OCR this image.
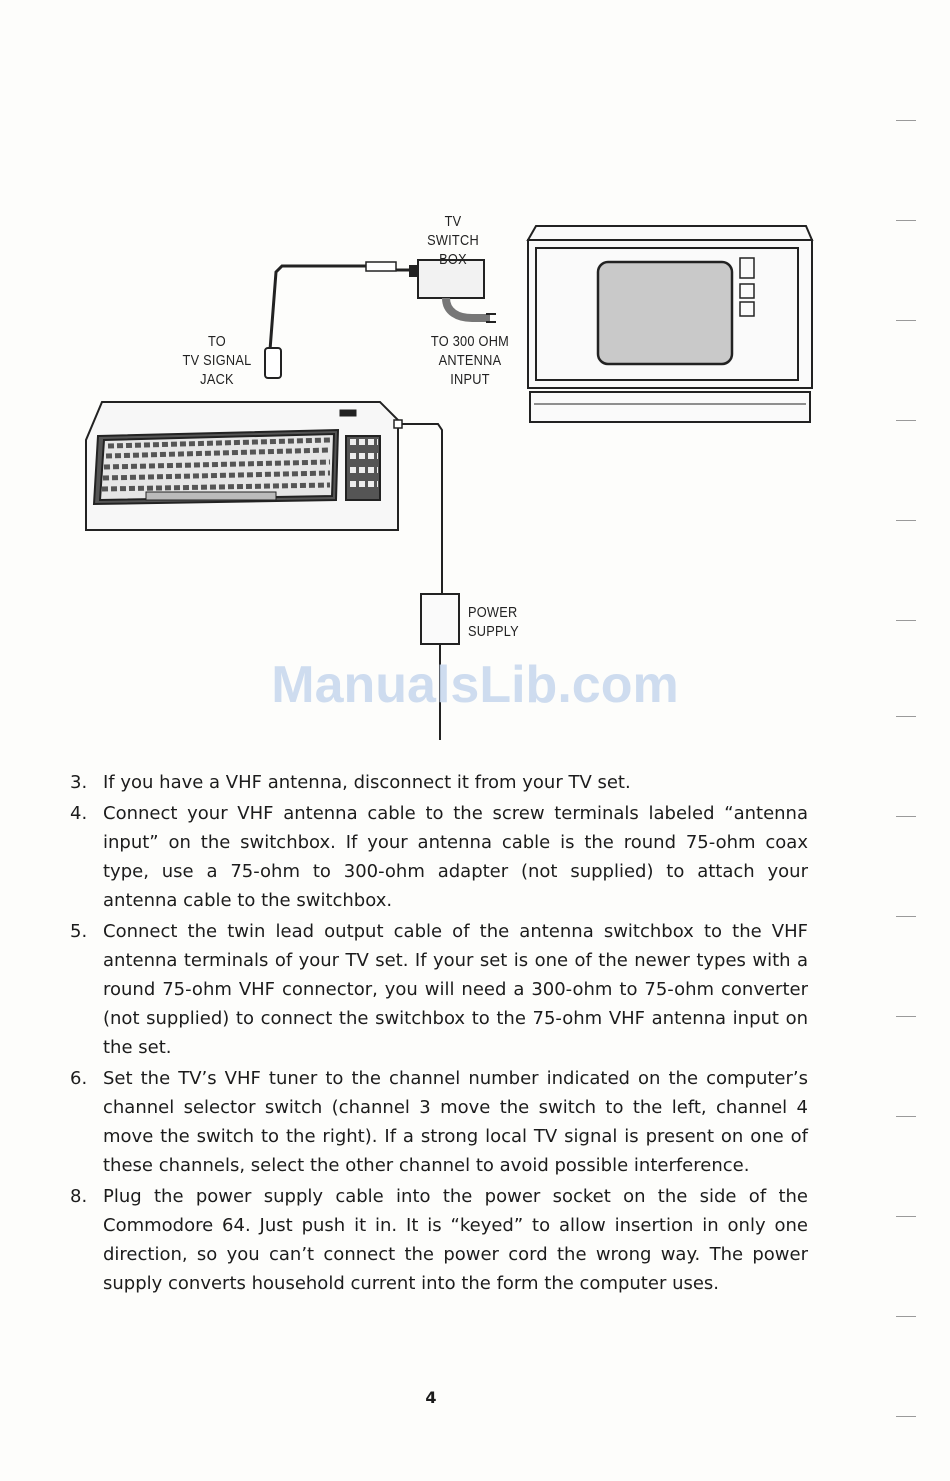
TV
SWITCH BOX
TO
TV SIGNAL
JACK
TO 300 OHM
ANTENNA
INPUT
POWER
SUPPLY
ManualsLib.com
3. If you have a VHF antenna, disconnect it from your TV set.
4. Connect your VHF antenna cable to the screw terminals labeled “antenna input” on the switchbox. If your antenna cable is the round 75-ohm coax type, use a 75-ohm to 300-ohm adapter (not supplied) to attach your antenna cable to the switchbox.
5. Connect the twin lead output cable of the antenna switchbox to the VHF antenna terminals of your TV set. If your set is one of the newer types with a round 75-ohm VHF connector, you will need a 300-ohm to 75-ohm converter (not supplied) to connect the switchbox to the 75-ohm VHF antenna input on the set.
6. Set the TV’s VHF tuner to the channel number indicated on the computer’s channel selector switch (channel 3 move the switch to the left, channel 4 move the switch to the right). If a strong local TV signal is present on one of these channels, select the other channel to avoid possible interference.
8. Plug the power supply cable into the power socket on the side of the Commodore 64. Just push it in. It is “keyed” to allow insertion in only one direction, so you can’t connect the power cord the wrong way. The power supply converts household current into the form the computer uses.
4
